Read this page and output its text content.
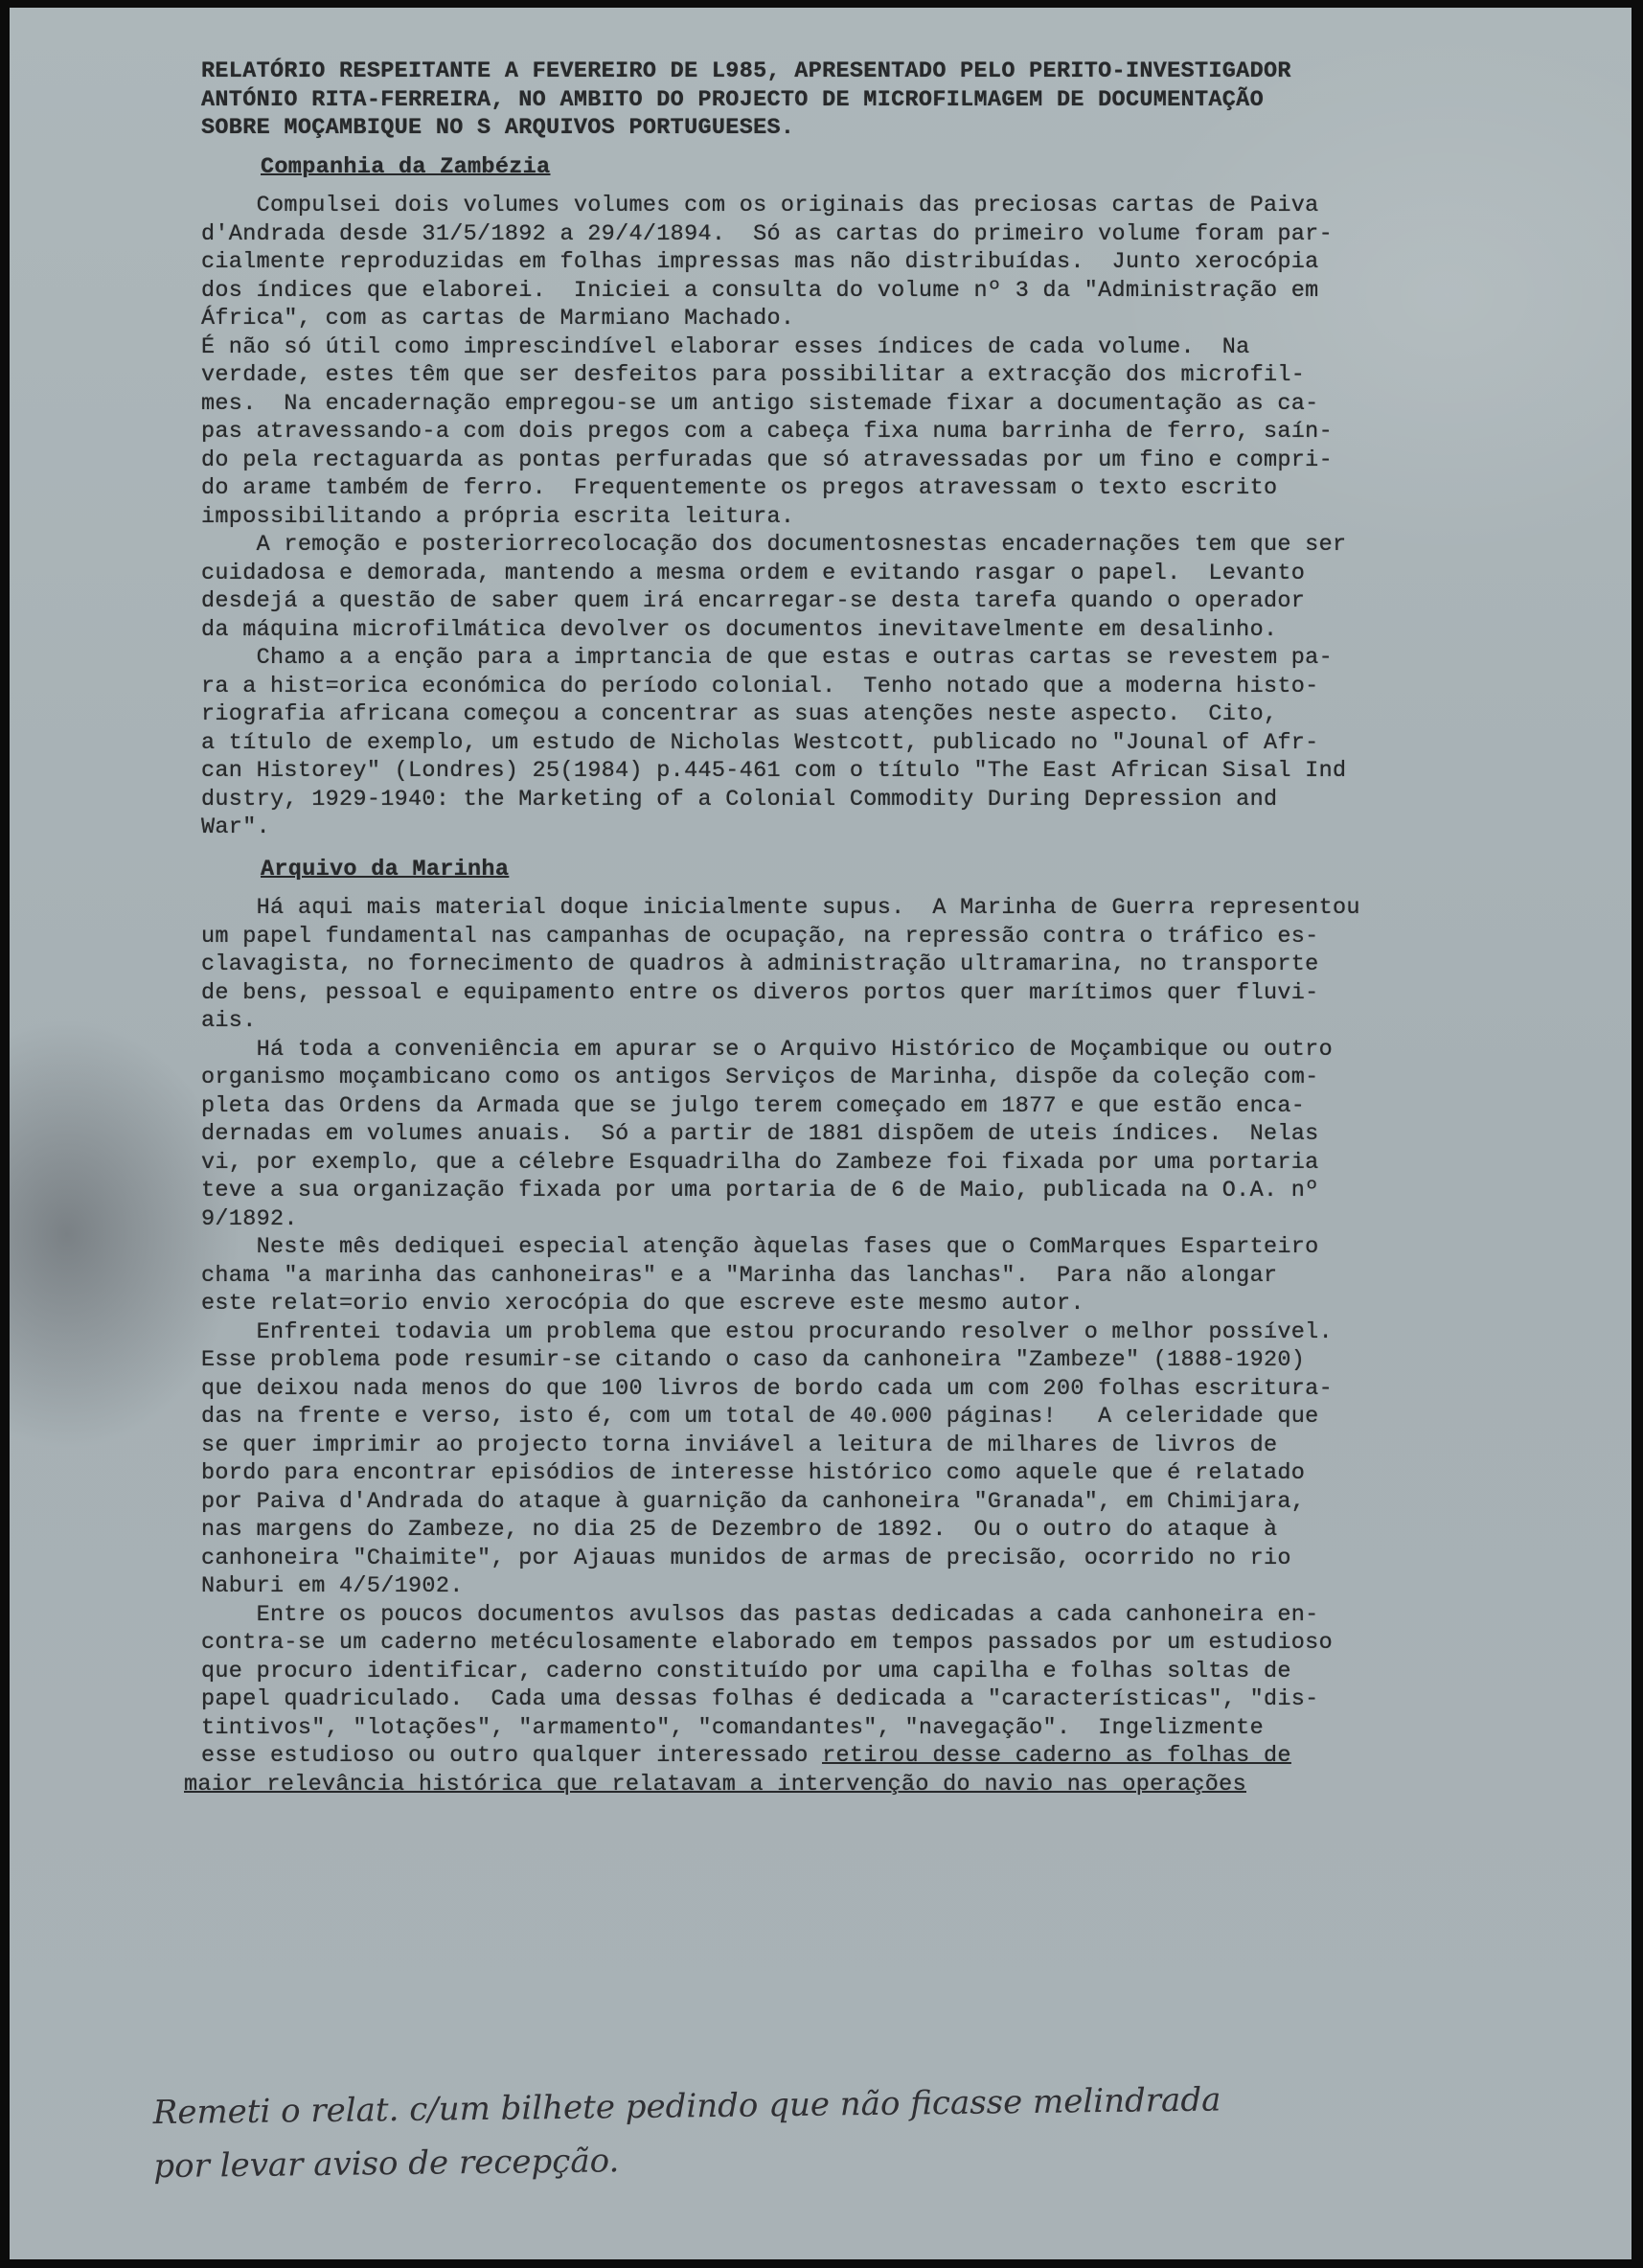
RELATÓRIO RESPEITANTE A FEVEREIRO DE L985, APRESENTADO PELO PERITO-INVESTIGADOR
ANTÓNIO RITA-FERREIRA, NO AMBITO DO PROJECTO DE MICROFILMAGEM DE DOCUMENTAÇÃO
SOBRE MOÇAMBIQUE NO S ARQUIVOS PORTUGUESES.
Companhia da Zambézia
Compulsei dois volumes volumes com os originais das preciosas cartas de Paiva
d'Andrada desde 31/5/1892 a 29/4/1894.  Só as cartas do primeiro volume foram par-
cialmente reproduzidas em folhas impressas mas não distribuídas.  Junto xerocópia
dos índices que elaborei.  Iniciei a consulta do volume nº 3 da "Administração em
África", com as cartas de Marmiano Machado.
É não só útil como imprescindível elaborar esses índices de cada volume.  Na
verdade, estes têm que ser desfeitos para possibilitar a extracção dos microfil-
mes.  Na encadernação empregou-se um antigo sistemade fixar a documentação as ca-
pas atravessando-a com dois pregos com a cabeça fixa numa barrinha de ferro, saín-
do pela rectaguarda as pontas perfuradas que só atravessadas por um fino e compri-
do arame também de ferro.  Frequentemente os pregos atravessam o texto escrito
impossibilitando a própria escrita leitura.
A remoção e posteriorrecolocação dos documentosnestas encadernações tem que ser
cuidadosa e demorada, mantendo a mesma ordem e evitando rasgar o papel.  Levanto
desdejá a questão de saber quem irá encarregar-se desta tarefa quando o operador
da máquina microfilmática devolver os documentos inevitavelmente em desalinho.
Chamo a a enção para a imprtancia de que estas e outras cartas se revestem pa-
ra a hist=orica económica do período colonial.  Tenho notado que a moderna histo-
riografia africana começou a concentrar as suas atenções neste aspecto.  Cito,
a título de exemplo, um estudo de Nicholas Westcott, publicado no "Jounal of Afr-
can Historey" (Londres) 25(1984) p.445-461 com o título "The East African Sisal Ind
dustry, 1929-1940: the Marketing of a Colonial Commodity During Depression and
War".
Arquivo da Marinha
Há aqui mais material doque inicialmente supus.  A Marinha de Guerra representou
um papel fundamental nas campanhas de ocupação, na repressão contra o tráfico es-
clavagista, no fornecimento de quadros à administração ultramarina, no transporte
de bens, pessoal e equipamento entre os diveros portos quer marítimos quer fluvi-
ais.
Há toda a conveniência em apurar se o Arquivo Histórico de Moçambique ou outro
organismo moçambicano como os antigos Serviços de Marinha, dispõe da coleção com-
pleta das Ordens da Armada que se julgo terem começado em 1877 e que estão enca-
dernadas em volumes anuais.  Só a partir de 1881 dispõem de uteis índices.  Nelas
vi, por exemplo, que a célebre Esquadrilha do Zambeze foi fixada por uma portaria
teve a sua organização fixada por uma portaria de 6 de Maio, publicada na O.A. nº
9/1892.
Neste mês dediquei especial atenção àquelas fases que o ComMarques Esparteiro
chama "a marinha das canhoneiras" e a "Marinha das lanchas".  Para não alongar
este relat=orio envio xerocópia do que escreve este mesmo autor.
Enfrentei todavia um problema que estou procurando resolver o melhor possível.
Esse problema pode resumir-se citando o caso da canhoneira "Zambeze" (1888-1920)
que deixou nada menos do que 100 livros de bordo cada um com 200 folhas escritura-
das na frente e verso, isto é, com um total de 40.000 páginas!   A celeridade que
se quer imprimir ao projecto torna inviável a leitura de milhares de livros de
bordo para encontrar episódios de interesse histórico como aquele que é relatado
por Paiva d'Andrada do ataque à guarnição da canhoneira "Granada", em Chimijara,
nas margens do Zambeze, no dia 25 de Dezembro de 1892.  Ou o outro do ataque à
canhoneira "Chaimite", por Ajauas munidos de armas de precisão, ocorrido no rio
Naburi em 4/5/1902.
Entre os poucos documentos avulsos das pastas dedicadas a cada canhoneira en-
contra-se um caderno metéculosamente elaborado em tempos passados por um estudioso
que procuro identificar, caderno constituído por uma capilha e folhas soltas de
papel quadriculado.  Cada uma dessas folhas é dedicada a "características", "dis-
tintivos", "lotações", "armamento", "comandantes", "navegação".  Ingelizmente
esse estudioso ou outro qualquer interessado retirou desse caderno as folhas de
maior relevância histórica que relatavam a intervenção do navio nas operações
Remeti o relat. c/um bilhete pedindo que não ficasse melindrada
por levar aviso de recepção.
